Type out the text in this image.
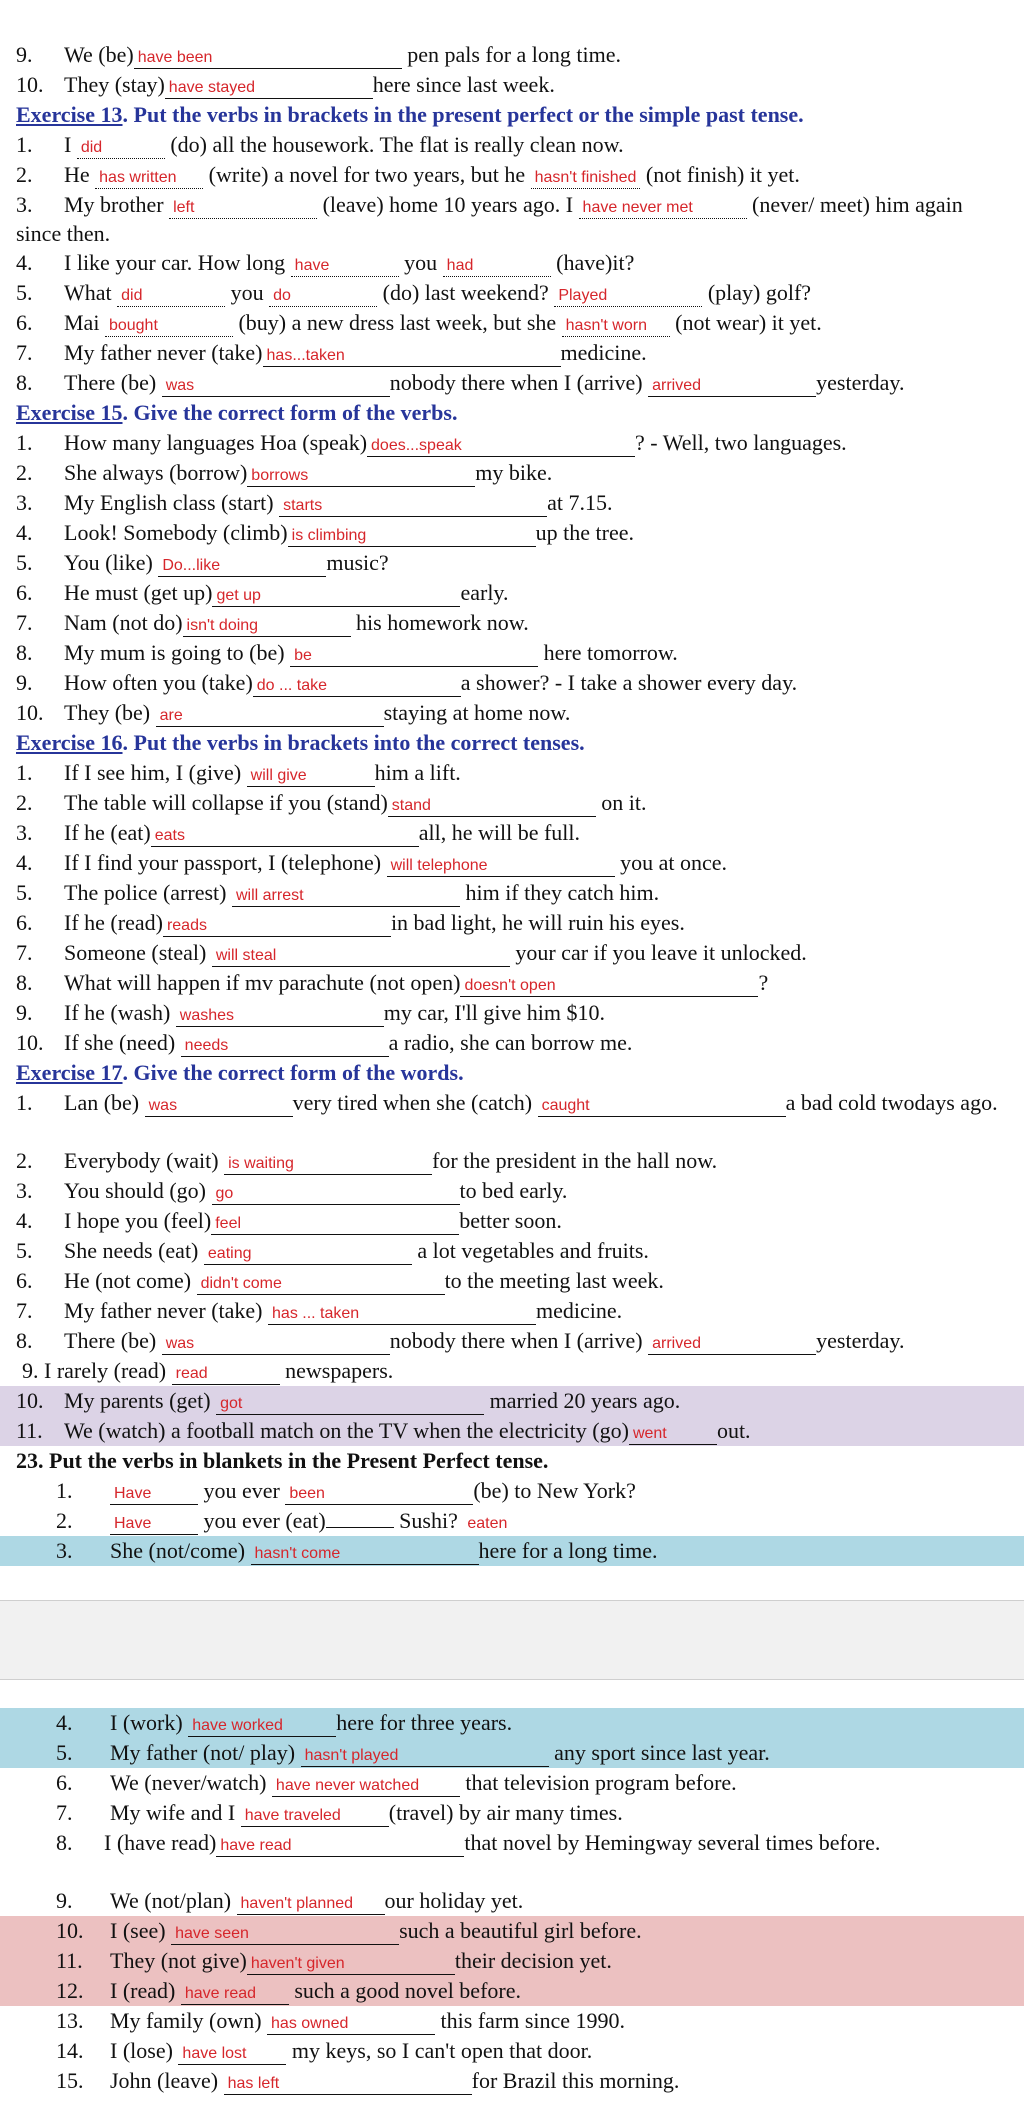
9. We (be) have been	pen pals for a long time.
10. They (stay) have stayed	here since last week.
Exercise 13. Put the verbs in brackets in the present perfect or the simple past tense.
1. I did	(do) all the housework. The flat is really clean now.
2. He has written (write) a novel for two years, but he hasn't finished (not finish) it yet.
3. My brother left	(leave) home 10 years ago. I have never met (never/ meet) him again since then.
4. I like your car. How long have	you had	(have)it?
5. What did	you do	(do) last weekend? Played	(play) golf?
6. Mai bought	(buy) a new dress last week, but she hasn't worn (not wear) it yet.
7. My father never (take) has...taken	medicine.
8. There (be) was	nobody there when I (arrive) arrived	yesterday.
Exercise 15. Give the correct form of the verbs.
1. How many languages Hoa (speak) does...speak	? - Well, two languages.
2. She always (borrow) borrows	my bike.
3. My English class (start) starts	at 7.15.
4. Look! Somebody (climb) is climbing	up the tree.
5. You (like) Do...like	music?
6. He must (get up) get up	early.
7. Nam (not do) isn't doing	his homework now.
8. My mum is going to (be) be	here tomorrow.
9. How often you (take) do ... take	a shower? - I take a shower every day.
10. They (be) are	staying at home now.
Exercise 16. Put the verbs in brackets into the correct tenses.
1. If I see him, I (give) will give	him a lift.
2. The table will collapse if you (stand) stand	on it.
3. If he (eat) eats	all, he will be full.
4. If I find your passport, I (telephone) will telephone	you at once.
5. The police (arrest) will arrest	him if they catch him.
6. If he (read) reads	in bad light, he will ruin his eyes.
7. Someone (steal) will steal	your car if you leave it unlocked.
8. What will happen if mv parachute (not open) doesn't open	?
9. If he (wash) washes	my car, I'll give him $10.
10. If she (need) needs	a radio, she can borrow me.
Exercise 17. Give the correct form of the words.
1. Lan (be) was	very tired when she (catch) caught	a bad cold twodays ago.
2. Everybody (wait) is waiting	for the president in the hall now.
3. You should (go) go	to bed early.
4. I hope you (feel) feel	better soon.
5. She needs (eat) eating	a lot vegetables and fruits.
6. He (not come) didn't come	to the meeting last week.
7. My father never (take) has ... taken	medicine.
8. There (be) was	nobody there when I (arrive) arrived	yesterday.
9. I rarely (read) read	newspapers.
10. My parents (get) got	married 20 years ago.
11. We (watch) a football match on the TV when the electricity (go) went out.
23. Put the verbs in blankets in the Present Perfect tense.
1.	Have you ever been	(be) to New York?
2.	Have you ever (eat)	Sushi? eaten
3. She (not/come) hasn't come	here for a long time.
4. I (work) have worked here for three years.
5. My father (not/ play) hasn't played	any sport since last year.
6. We (never/watch) have never watched that television program before.
7. My wife and I have traveled (travel) by air many times.
8. I (have read) have read	that novel by Hemingway several times before.
9. We (not/plan) haven't planned our holiday yet.
10. I (see) have seen	such a beautiful girl before.
11. They (not give) haven't given	their decision yet.
12. I (read) have read such a good novel before.
13. My family (own) has owned	this farm since 1990.
14. I (lose) have lost my keys, so I can't open that door.
15. John (leave) has left	for Brazil this morning.
